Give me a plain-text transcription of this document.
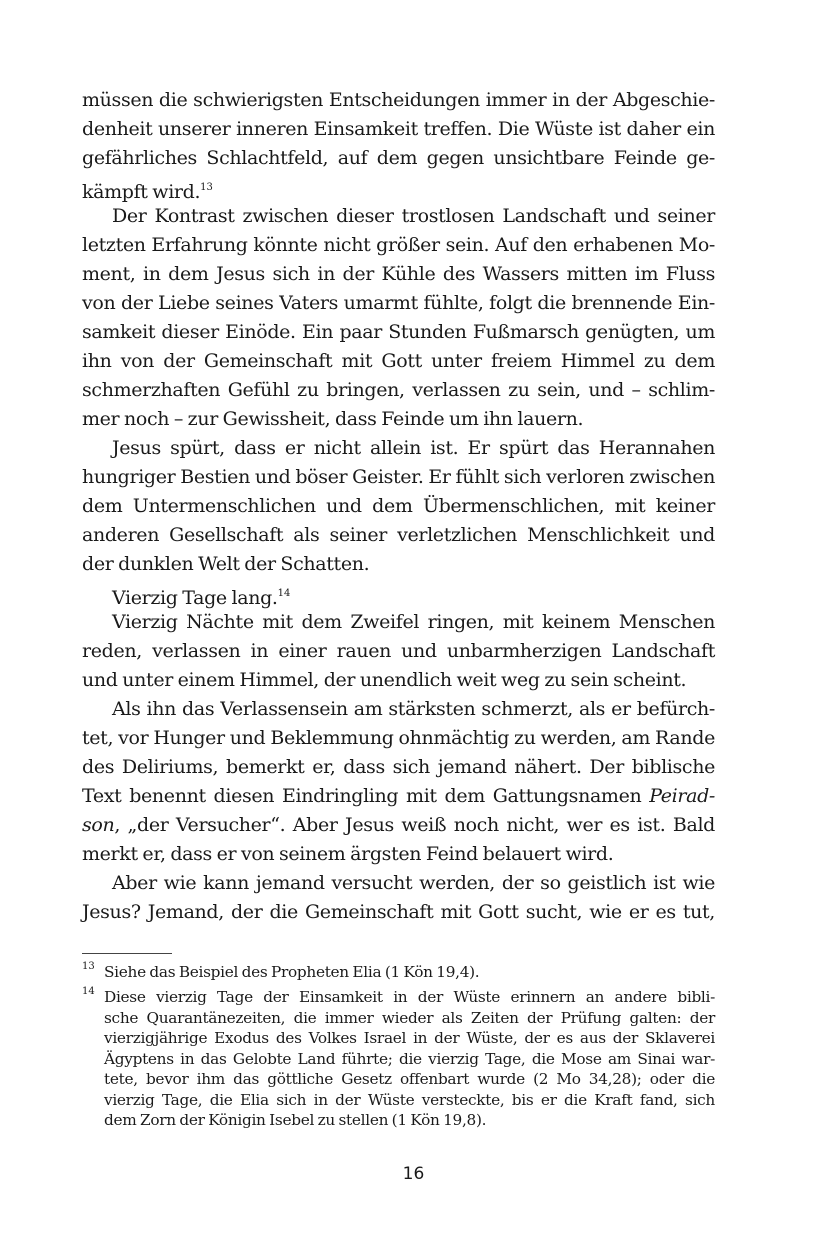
müssen die schwierigsten Entscheidungen immer in der Abgeschie-

denheit unserer inneren Einsamkeit treffen. Die Wüste ist daher ein

gefährliches Schlachtfeld, auf dem gegen unsichtbare Feinde ge-

kämpft wird.$^{13}$

Der Kontrast zwischen dieser trostlosen Landschaft und seiner

letzten Erfahrung könnte nicht größer sein. Auf den erhabenen Mo-

ment, in dem Jesus sich in der Kühle des Wassers mitten im Fluss

von der Liebe seines Vaters umarmt fühlte, folgt die brennende Ein-

samkeit dieser Einöde. Ein paar Stunden Fußmarsch genügten, um

ihn von der Gemeinschaft mit Gott unter freiem Himmel zu dem

schmerzhaften Gefühl zu bringen, verlassen zu sein, und – schlim-

mer noch – zur Gewissheit, dass Feinde um ihn lauern.

Jesus spürt, dass er nicht allein ist. Er spürt das Herannahen

hungriger Bestien und böser Geister. Er fühlt sich verloren zwischen

dem Untermenschlichen und dem Übermenschlichen, mit keiner

anderen Gesellschaft als seiner verletzlichen Menschlichkeit und

der dunklen Welt der Schatten.

Vierzig Tage lang.$^{14}$

Vierzig Nächte mit dem Zweifel ringen, mit keinem Menschen

reden, verlassen in einer rauen und unbarmherzigen Landschaft

und unter einem Himmel, der unendlich weit weg zu sein scheint.

Als ihn das Verlassensein am stärksten schmerzt, als er befürch-

tet, vor Hunger und Beklemmung ohnmächtig zu werden, am Rande

des Deliriums, bemerkt er, dass sich jemand nähert. Der biblische

Text benennt diesen Eindringling mit dem Gattungsnamen Peirad-

son, „der Versucher“. Aber Jesus weiß noch nicht, wer es ist. Bald

merkt er, dass er von seinem ärgsten Feind belauert wird.

Aber wie kann jemand versucht werden, der so geistlich ist wie

Jesus? Jemand, der die Gemeinschaft mit Gott sucht, wie er es tut,

13 Siehe das Beispiel des Propheten Elia (1 Kön 19,4).

14 Diese vierzig Tage der Einsamkeit in der Wüste erinnern an andere bibli-

sche Quarantänezeiten, die immer wieder als Zeiten der Prüfung galten: der

vierzigjährige Exodus des Volkes Israel in der Wüste, der es aus der Sklaverei

Ägyptens in das Gelobte Land führte; die vierzig Tage, die Mose am Sinai war-

tete, bevor ihm das göttliche Gesetz offenbart wurde (2 Mo 34,28); oder die

vierzig Tage, die Elia sich in der Wüste versteckte, bis er die Kraft fand, sich

dem Zorn der Königin Isebel zu stellen (1 Kön 19,8).

16
